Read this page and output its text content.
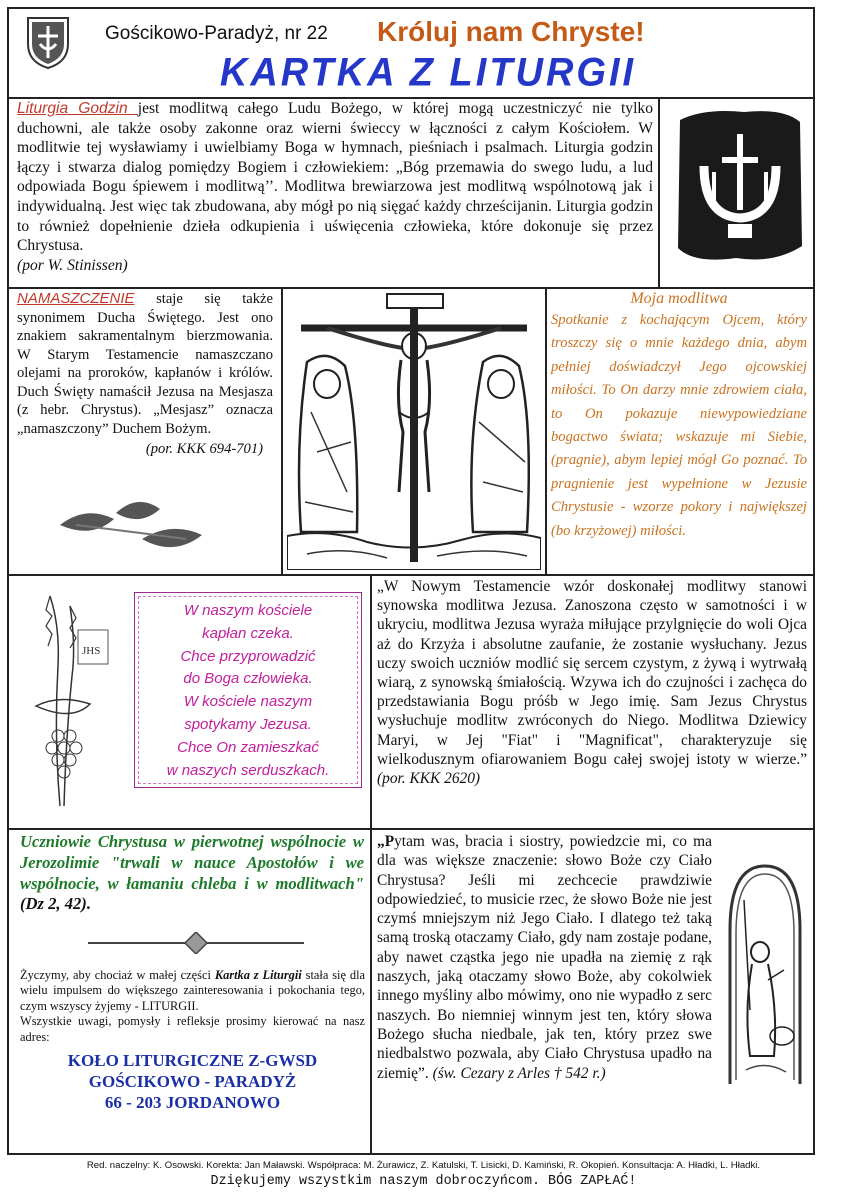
Gościkowo-Paradyż, nr 22 Króluj nam Chryste!
KARTKA Z LITURGII
Liturgia Godzin jest modlitwą całego Ludu Bożego, w której mogą uczestniczyć nie tylko duchowni, ale także osoby zakonne oraz wierni świeccy w łączności z całym Kościołem. W modlitwie tej wysławiamy i uwielbiamy Boga w hymnach, pieśniach i psalmach. Liturgia godzin łączy i stwarza dialog pomiędzy Bogiem i człowiekiem: „Bóg przemawia do swego ludu, a lud odpowiada Bogu śpiewem i modlitwą’’. Modlitwa brewiarzowa jest modlitwą wspólnotową jak i indywidualną. Jest więc tak zbudowana, aby mógł po nią sięgać każdy chrześcijanin. Liturgia godzin to również dopełnienie dzieła odkupienia i uświęcenia człowieka, które dokonuje się przez Chrystusa.
(por W. Stinissen)
NAMASZCZENIE staje się także synonimem Ducha Świętego. Jest ono znakiem sakramentalnym bierzmowania. W Starym Testamencie namaszczano olejami na proroków, kapłanów i królów. Duch Święty namaścił Jezusa na Mesjasza (z hebr. Chrystus). „Mesjasz” oznacza „namaszczony” Duchem Bożym.
(por. KKK 694-701)
Moja modlitwa
Spotkanie z kochającym Ojcem, który troszczy się o mnie każdego dnia, abym pełniej doświadczył Jego ojcowskiej miłości. To On darzy mnie zdrowiem ciała, to On pokazuje niewypowiedziane bogactwo świata; wskazuje mi Siebie,(pragnie), abym lepiej mógł Go poznać. To pragnienie jest wypełnione w Jezusie Chrystusie - wzorze pokory i największej (bo krzyżowej) miłości.
JHS
W naszym kościele
kapłan czeka.
Chce przyprowadzić
do Boga człowieka.
W kościele naszym
spotykamy Jezusa.
Chce On zamieszkać
w naszych serduszkach.
„W Nowym Testamencie wzór doskonałej modlitwy stanowi synowska modlitwa Jezusa. Zanoszona często w samotności i w ukryciu, modlitwa Jezusa wyraża miłujące przylgnięcie do woli Ojca aż do Krzyża i absolutne zaufanie, że zostanie wysłuchany. Jezus uczy swoich uczniów modlić się sercem czystym, z żywą i wytrwałą wiarą, z synowską śmiałością. Wzywa ich do czujności i zachęca do przedstawiania Bogu próśb w Jego imię. Sam Jezus Chrystus wysłuchuje modlitw zwróconych do Niego. Modlitwa Dziewicy Maryi, w Jej "Fiat" i "Magnificat", charakteryzuje się wielkodusznym ofiarowaniem Bogu całej swojej istoty w wierze.” (por. KKK 2620)
Uczniowie Chrystusa w pierwotnej wspólnocie w Jerozolimie "trwali w nauce Apostołów i we wspólnocie, w łamaniu chleba i w modlitwach" (Dz 2, 42).
Życzymy, aby chociaż w małej części Kartka z Liturgii stała się dla wielu impulsem do większego zainteresowania i pokochania tego, czym wszyscy żyjemy - LITURGII.
Wszystkie uwagi, pomysły i refleksje prosimy kierować na nasz adres:
KOŁO LITURGICZNE Z-GWSD
GOŚCIKOWO - PARADYŻ
66 - 203 JORDANOWO
„Pytam was, bracia i siostry, powiedzcie mi, co ma dla was większe znaczenie: słowo Boże czy Ciało Chrystusa? Jeśli mi zechcecie prawdziwie odpowiedzieć, to musicie rzec, że słowo Boże nie jest czymś mniejszym niż Jego Ciało. I dlatego też taką samą troską otaczamy Ciało, gdy nam zostaje podane, aby nawet cząstka jego nie upadła na ziemię z rąk naszych, jaką otaczamy słowo Boże, aby cokolwiek innego myśliny albo mówimy, ono nie wypadło z serc naszych. Bo niemniej winnym jest ten, który słowa Bożego słucha niedbale, jak ten, który przez swe niedbalstwo pozwala, aby Ciało Chrystusa upadło na ziemię”. (św. Cezary z Arles † 542 r.)
Red. naczelny: K. Osowski. Korekta: Jan Maławski. Współpraca: M. Żurawicz, Z. Katulski, T. Lisicki, D. Kamiński, R. Okopień. Konsultacja: A. Hładki, L. Hładki.
Dziękujemy wszystkim naszym dobroczyńcom. BÓG ZAPŁAĆ!
